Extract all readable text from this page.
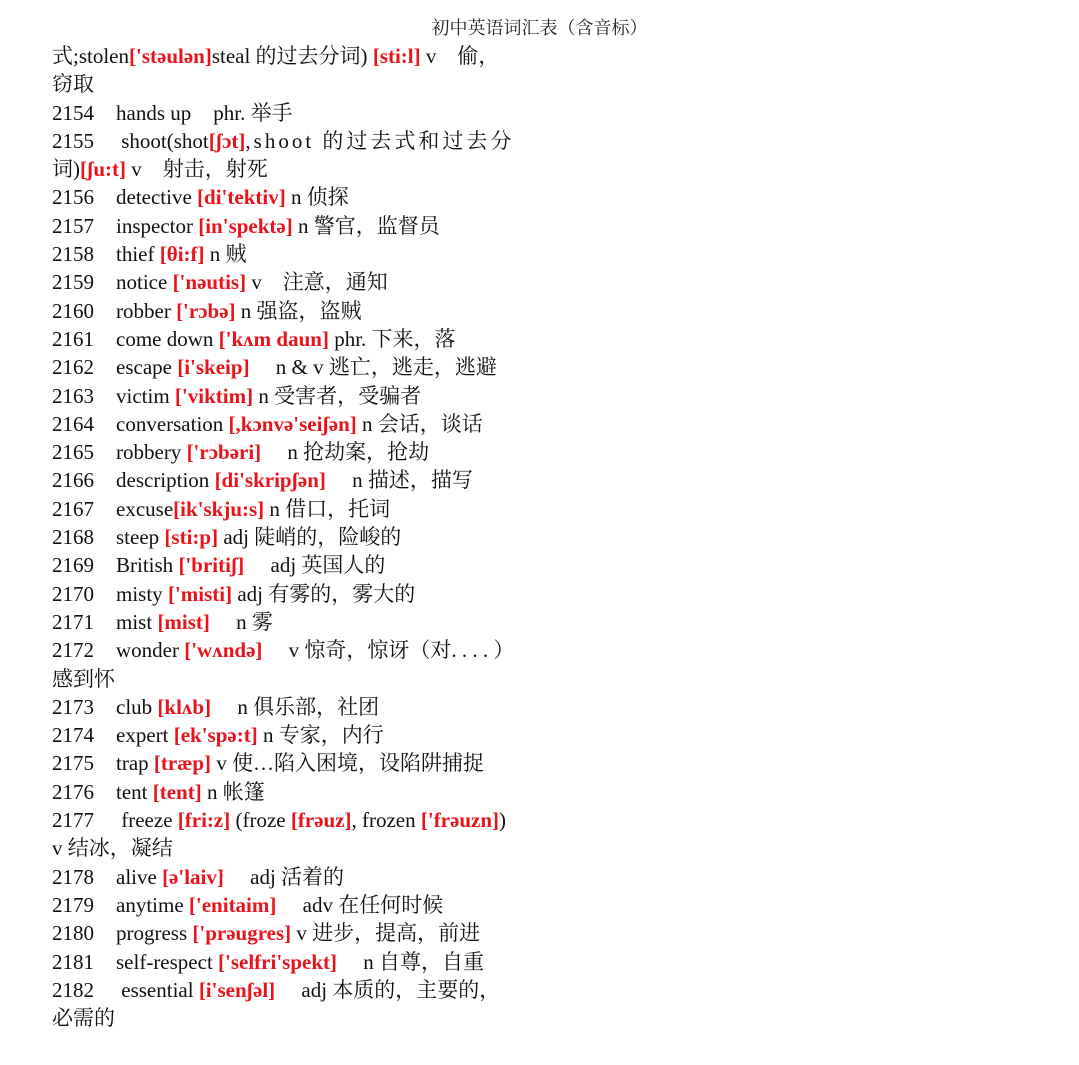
初中英语词汇表（含音标）
式;stolen['stəulən]steal 的过去分词) [sti:l] v　偷，
窃取
2154 hands up phr. 举手
2155 shoot(shot[ʃɔt],shoot 的过去式和过去分
词)[ʃu:t] v　射击，射死
2156 detective [di'tektiv] n 侦探
2157 inspector [in'spektə] n 警官，监督员
2158 thief [θi:f] n 贼
2159 notice ['nəutis] v　注意，通知
2160 robber ['rɔbə] n 强盗，盗贼
2161 come down ['kʌm daun] phr. 下来，落
2162 escape [i'skeip] 　n & v 逃亡，逃走，逃避
2163 victim ['viktim] n 受害者，受骗者
2164 conversation [,kɔnvə'seiʃən] n 会话，谈话
2165 robbery ['rɔbəri] 　n 抢劫案，抢劫
2166 description [di'skripʃən] 　n 描述，描写
2167 excuse[ik'skju:s] n 借口，托词
2168 steep [sti:p] adj 陡峭的，险峻的
2169 British ['britiʃ] 　adj 英国人的
2170 misty ['misti] adj 有雾的，雾大的
2171 mist [mist] 　n 雾
2172 wonder ['wʌndə] 　v 惊奇，惊讶（对. . . . ）
感到怀
2173 club [klʌb] 　n 俱乐部，社团
2174 expert [ek'spə:t] n 专家，内行
2175 trap [træp] v 使…陷入困境，设陷阱捕捉
2176 tent [tent] n 帐篷
2177 freeze [fri:z] (froze [frəuz], frozen ['frəuzn])
v 结冰，凝结
2178 alive [ə'laiv] 　adj 活着的
2179 anytime ['enitaim] 　adv 在任何时候
2180 progress ['prəugres] v 进步，提高，前进
2181 self-respect ['selfri'spekt] 　n 自尊，自重
2182 essential [i'senʃəl] 　adj 本质的，主要的，
必需的
